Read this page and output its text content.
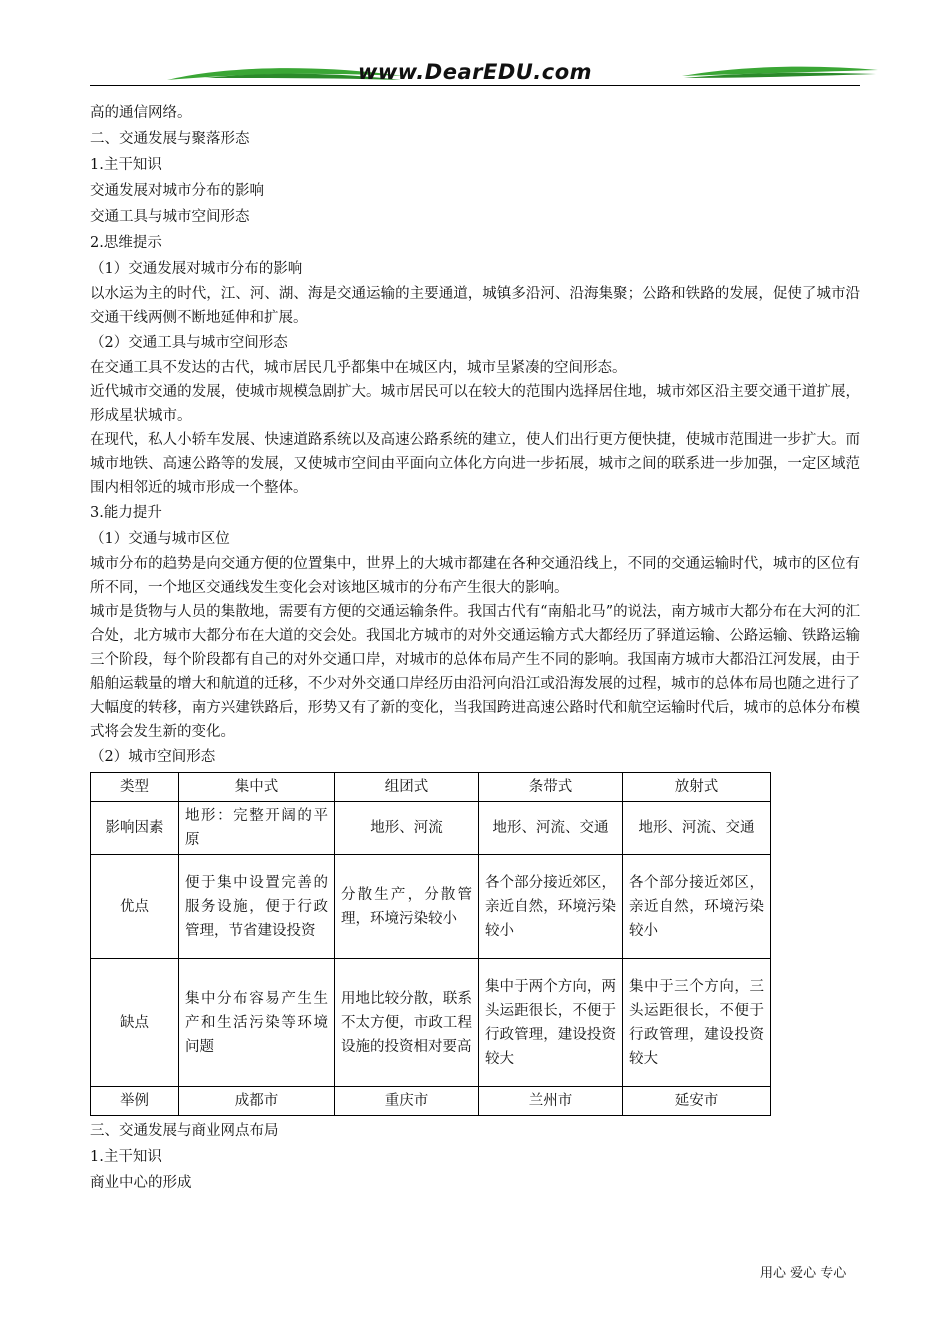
www.DearEDU.com

高的通信网络。

二、交通发展与聚落形态

1.主干知识

交通发展对城市分布的影响

交通工具与城市空间形态

2.思维提示

（1）交通发展对城市分布的影响

以水运为主的时代，江、河、湖、海是交通运输的主要通道，城镇多沿河、沿海集聚；公路和铁路的发展，促使了城市沿交通干线两侧不断地延伸和扩展。

（2）交通工具与城市空间形态

在交通工具不发达的古代，城市居民几乎都集中在城区内，城市呈紧凑的空间形态。

近代城市交通的发展，使城市规模急剧扩大。城市居民可以在较大的范围内选择居住地，城市郊区沿主要交通干道扩展，形成星状城市。

在现代，私人小轿车发展、快速道路系统以及高速公路系统的建立，使人们出行更方便快捷，使城市范围进一步扩大。而城市地铁、高速公路等的发展，又使城市空间由平面向立体化方向进一步拓展，城市之间的联系进一步加强，一定区域范围内相邻近的城市形成一个整体。

3.能力提升

（1）交通与城市区位

城市分布的趋势是向交通方便的位置集中，世界上的大城市都建在各种交通沿线上，不同的交通运输时代，城市的区位有所不同，一个地区交通线发生变化会对该地区城市的分布产生很大的影响。

城市是货物与人员的集散地，需要有方便的交通运输条件。我国古代有“南船北马”的说法，南方城市大都分布在大河的汇合处，北方城市大都分布在大道的交会处。我国北方城市的对外交通运输方式大都经历了驿道运输、公路运输、铁路运输三个阶段，每个阶段都有自己的对外交通口岸，对城市的总体布局产生不同的影响。我国南方城市大都沿江河发展，由于船舶运载量的增大和航道的迁移，不少对外交通口岸经历由沿河向沿江或沿海发展的过程，城市的总体布局也随之进行了大幅度的转移，南方兴建铁路后，形势又有了新的变化，当我国跨进高速公路时代和航空运输时代后，城市的总体分布模式将会发生新的变化。

（2）城市空间形态

类型	集中式	组团式	条带式	放射式
影响因素	地形：完整开阔的平原	地形、河流	地形、河流、交通	地形、河流、交通
优点	便于集中设置完善的服务设施，便于行政管理，节省建设投资	分散生产，分散管理，环境污染较小	各个部分接近郊区，亲近自然，环境污染较小	各个部分接近郊区，亲近自然，环境污染较小
缺点	集中分布容易产生生产和生活污染等环境问题	用地比较分散，联系不太方便，市政工程设施的投资相对要高	集中于两个方向，两头运距很长，不便于行政管理，建设投资较大	集中于三个方向，三头运距很长，不便于行政管理，建设投资较大
举例	成都市	重庆市	兰州市	延安市

三、交通发展与商业网点布局

1.主干知识

商业中心的形成

用心 爱心 专心
